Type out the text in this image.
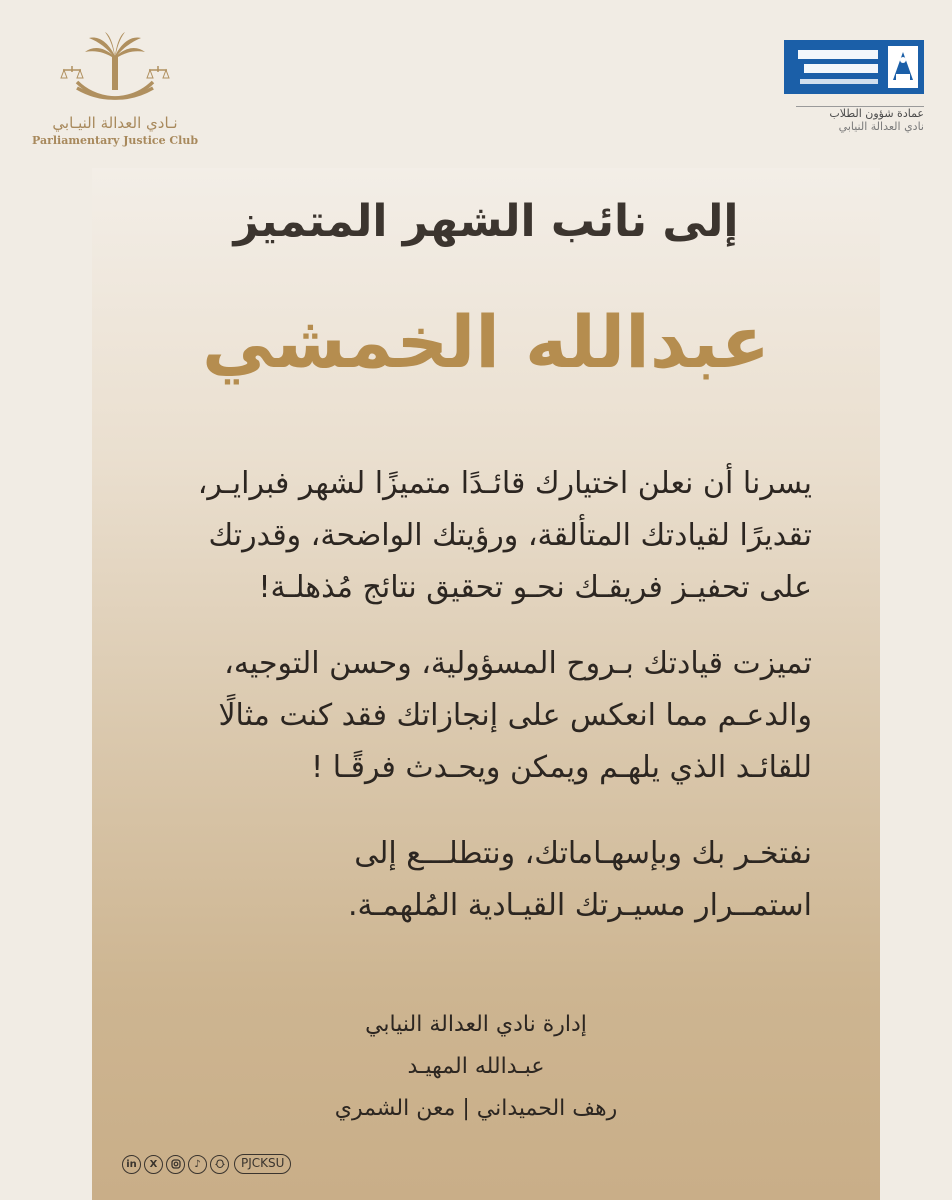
نـادي العدالة النيـابي
Parliamentary Justice Club
عمادة شؤون الطلاب
نادي العدالة النيابي
إلى نائب الشهر المتميز
عبدالله الخمشي
يسرنا أن نعلن اختيارك قائـدًا متميزًا لشهر فبرايـر،
تقديرًا لقيادتك المتألقة، ورؤيتك الواضحة، وقدرتك
على تحفيـز فريقـك نحـو تحقيق نتائج مُذهلـة!
تميزت قيادتك بـروح المسؤولية، وحسن التوجيه،
والدعـم مما انعكس على إنجازاتك فقد كنت مثالًا
للقائـد الذي يلهـم ويمكن ويحـدث فرقًـا !
نفتخـر بك وبإسهـاماتك، ونتطلـــع إلى
استمــرار مسيـرتك القيـادية المُلهمـة.
إدارة نادي العدالة النيابي
عبـدالله المهيـد
رهف الحميداني | معن الشمري
in	X	♪	PJCKSU
